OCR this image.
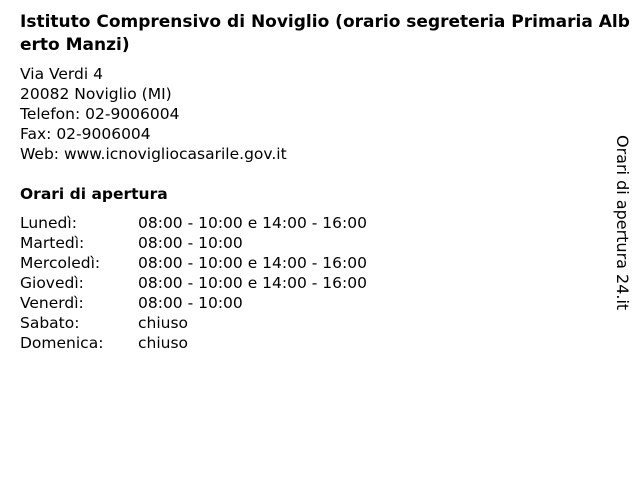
Istituto Comprensivo di Noviglio (orario segreteria Primaria Alberto Manzi)
Via Verdi 4
20082 Noviglio (MI)
Telefon: 02-9006004
Fax: 02-9006004
Web: www.icnovigliocasarile.gov.it
Orari di apertura
Lunedì:	08:00 - 10:00 e 14:00 - 16:00
Martedì:	08:00 - 10:00
Mercoledì:	08:00 - 10:00 e 14:00 - 16:00
Giovedì:	08:00 - 10:00 e 14:00 - 16:00
Venerdì:	08:00 - 10:00
Sabato:	chiuso
Domenica:	chiuso
Orari di apertura 24.it
